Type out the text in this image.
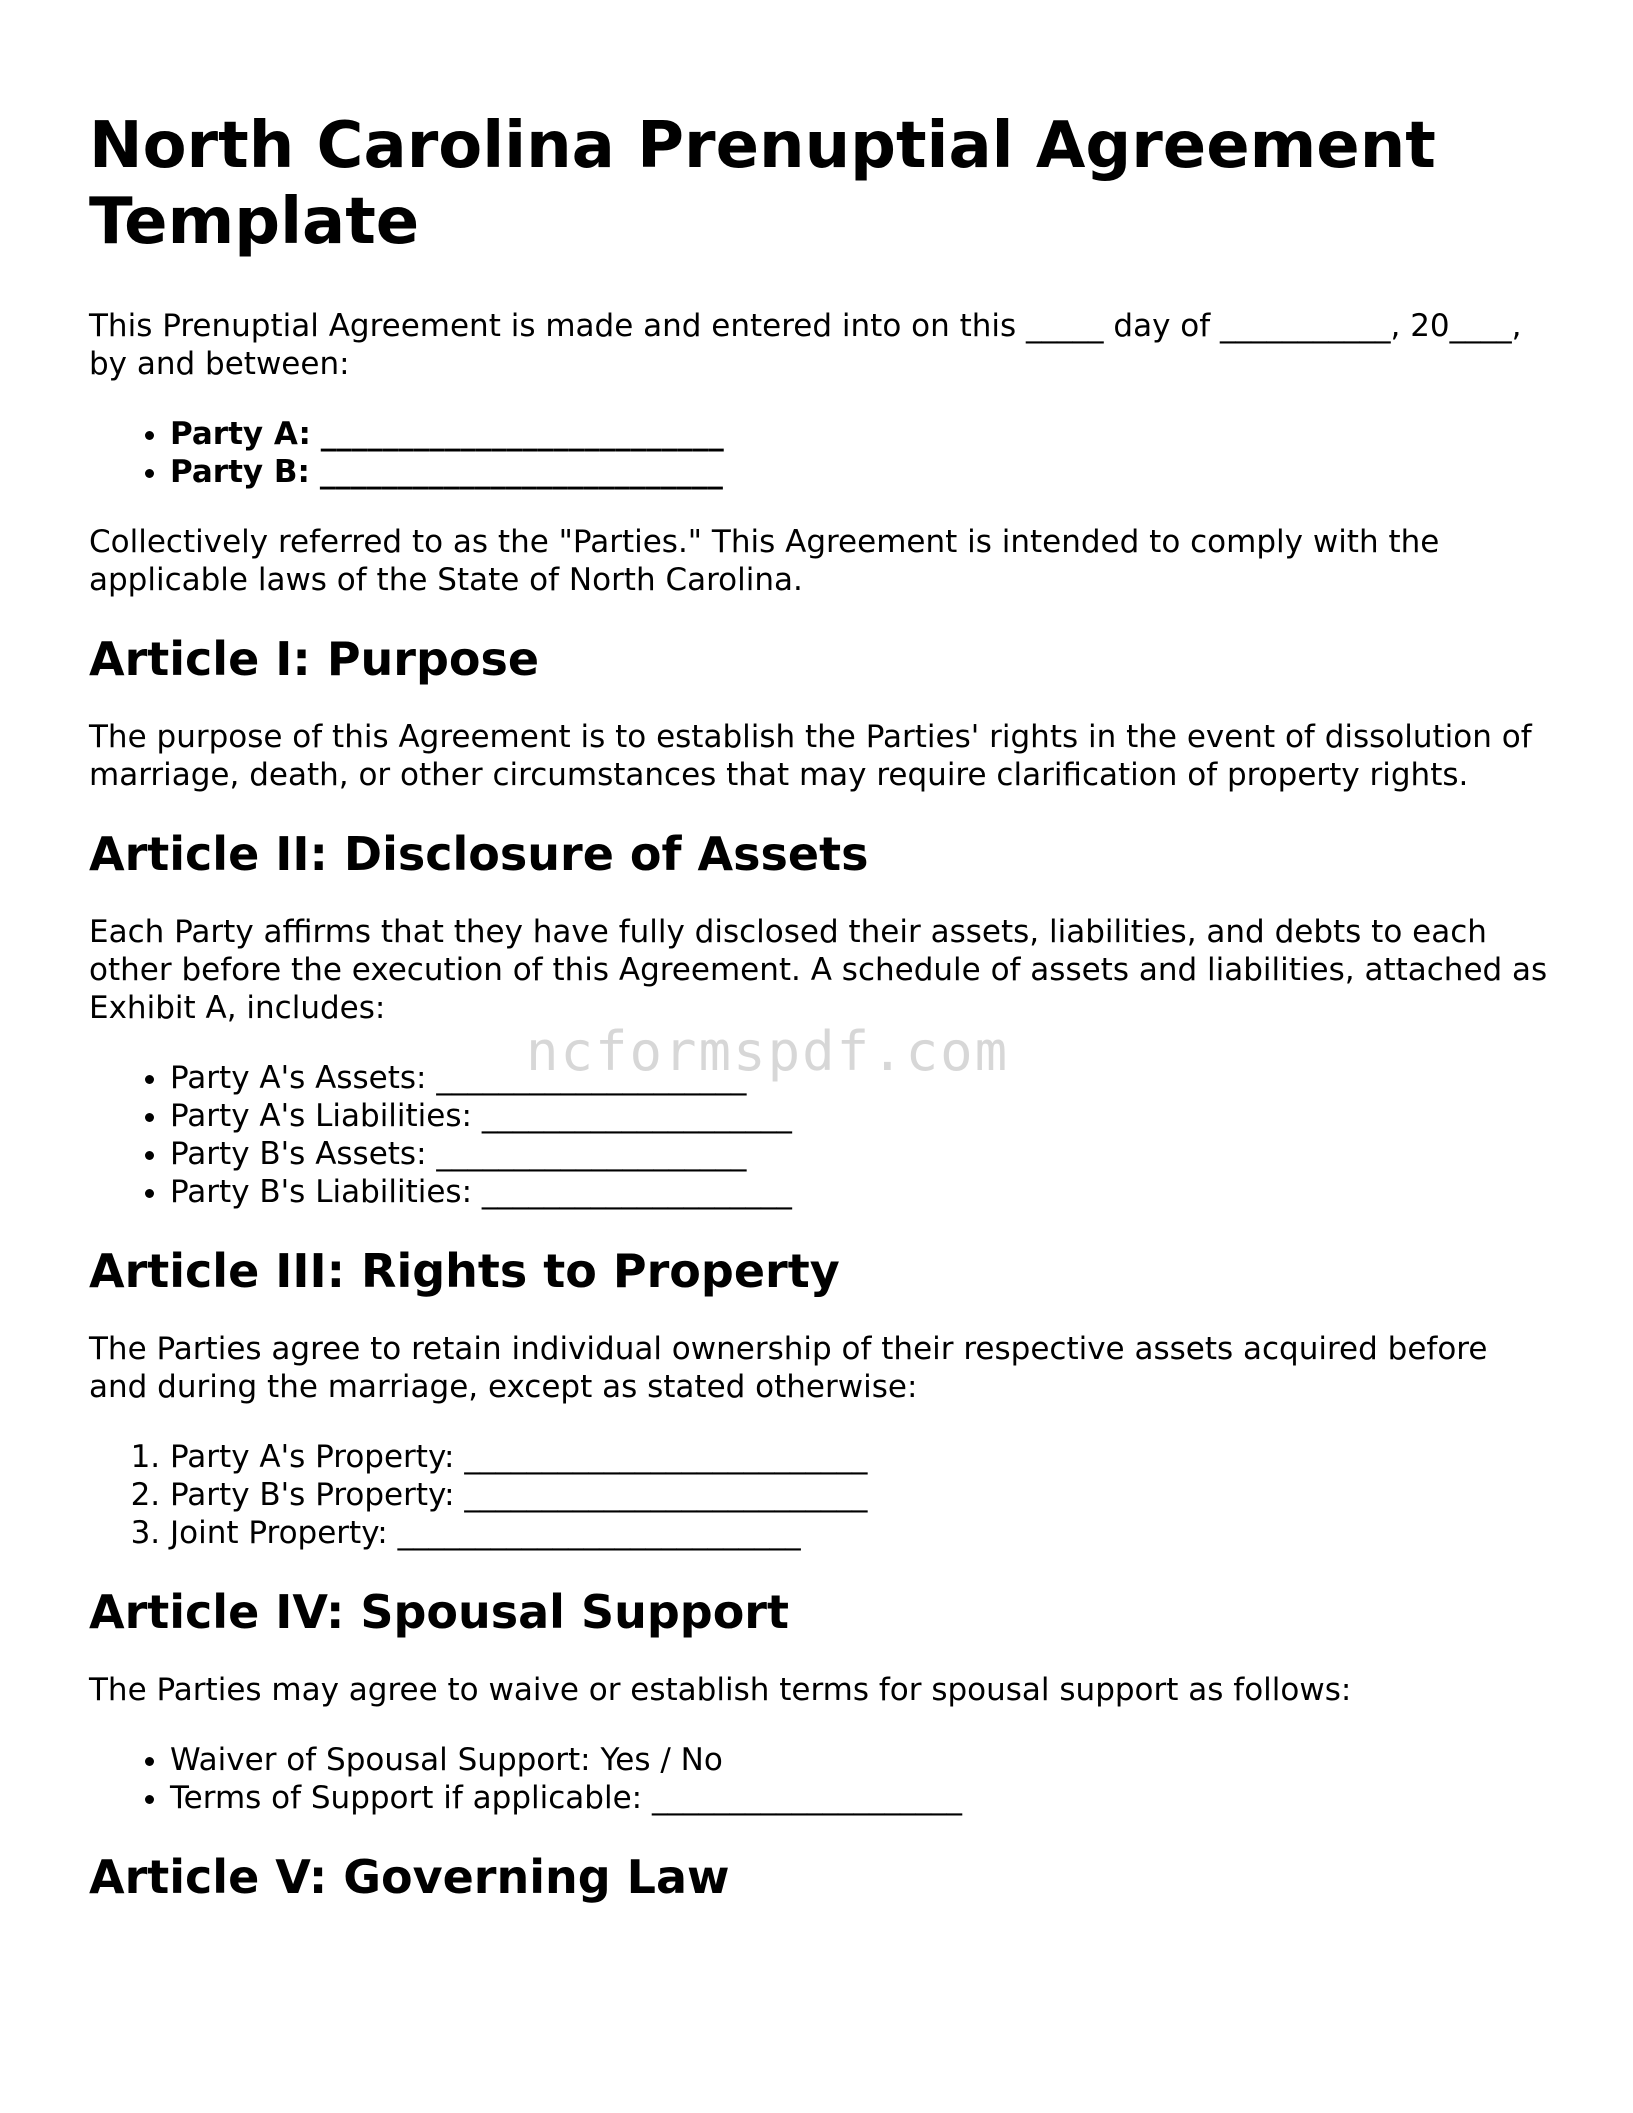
North Carolina Prenuptial Agreement Template

This Prenuptial Agreement is made and entered into on this _____ day of ___________, 20____, by and between:

• Party A: __________________________
• Party B: __________________________

Collectively referred to as the "Parties." This Agreement is intended to comply with the applicable laws of the State of North Carolina.

Article I: Purpose

The purpose of this Agreement is to establish the Parties' rights in the event of dissolution of marriage, death, or other circumstances that may require clarification of property rights.

Article II: Disclosure of Assets

Each Party affirms that they have fully disclosed their assets, liabilities, and debts to each other before the execution of this Agreement. A schedule of assets and liabilities, attached as Exhibit A, includes:

• Party A's Assets: ____________________
• Party A's Liabilities: ____________________
• Party B's Assets: ____________________
• Party B's Liabilities: ____________________
Article III: Rights to Property

The Parties agree to retain individual ownership of their respective assets acquired before and during the marriage, except as stated otherwise:

1. Party A's Property: __________________________
2. Party B's Property: __________________________
3. Joint Property: __________________________
Article IV: Spousal Support

The Parties may agree to waive or establish terms for spousal support as follows:

• Waiver of Spousal Support: Yes / No
• Terms of Support if applicable: ____________________
Article V: Governing Law
ncformspdf.com
